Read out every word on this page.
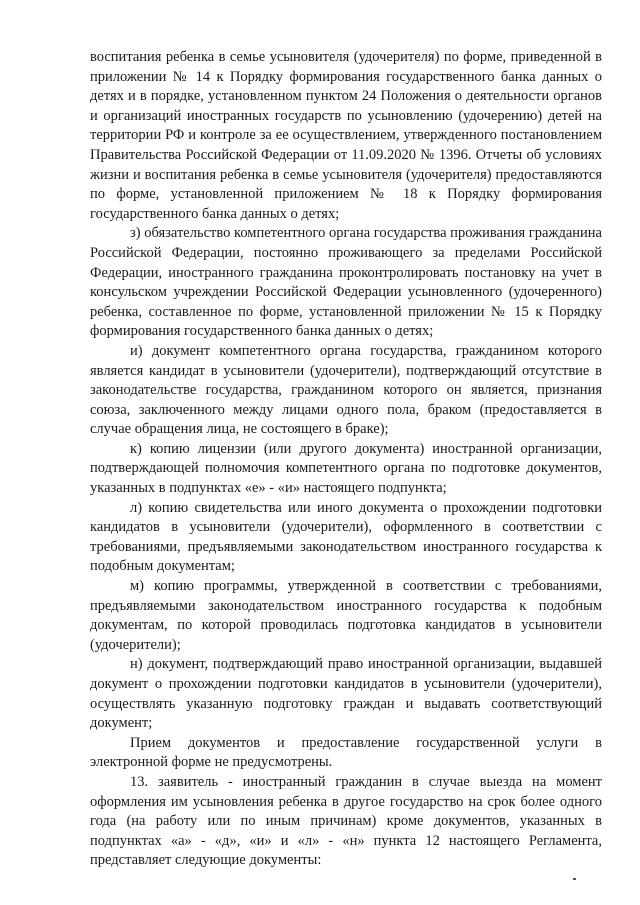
воспитания ребенка в семье усыновителя (удочерителя) по форме, приведенной в приложении № 14 к Порядку формирования государственного банка данных о детях и в порядке, установленном пунктом 24 Положения о деятельности органов и организаций иностранных государств по усыновлению (удочерению) детей на территории РФ и контроле за ее осуществлением, утвержденного постановлением Правительства Российской Федерации от 11.09.2020 № 1396. Отчеты об условиях жизни и воспитания ребенка в семье усыновителя (удочерителя) предоставляются по форме, установленной приложением № 18 к Порядку формирования государственного банка данных о детях;

з) обязательство компетентного органа государства проживания гражданина Российской Федерации, постоянно проживающего за пределами Российской Федерации, иностранного гражданина проконтролировать постановку на учет в консульском учреждении Российской Федерации усыновленного (удочеренного) ребенка, составленное по форме, установленной приложении № 15 к Порядку формирования государственного банка данных о детях;

и) документ компетентного органа государства, гражданином которого является кандидат в усыновители (удочерители), подтверждающий отсутствие в законодательстве государства, гражданином которого он является, признания союза, заключенного между лицами одного пола, браком (предоставляется в случае обращения лица, не состоящего в браке);

к) копию лицензии (или другого документа) иностранной организации, подтверждающей полномочия компетентного органа по подготовке документов, указанных в подпунктах «е» - «и» настоящего подпункта;

л) копию свидетельства или иного документа о прохождении подготовки кандидатов в усыновители (удочерители), оформленного в соответствии с требованиями, предъявляемыми законодательством иностранного государства к подобным документам;

м) копию программы, утвержденной в соответствии с требованиями, предъявляемыми законодательством иностранного государства к подобным документам, по которой проводилась подготовка кандидатов в усыновители (удочерители);

н) документ, подтверждающий право иностранной организации, выдавшей документ о прохождении подготовки кандидатов в усыновители (удочерители), осуществлять указанную подготовку граждан и выдавать соответствующий документ;

Прием документов и предоставление государственной услуги в электронной форме не предусмотрены.

13. заявитель - иностранный гражданин в случае выезда на момент оформления им усыновления ребенка в другое государство на срок более одного года (на работу или по иным причинам) кроме документов, указанных в подпунктах «а» - «д», «и» и «л» - «н» пункта 12 настоящего Регламента, представляет следующие документы:
